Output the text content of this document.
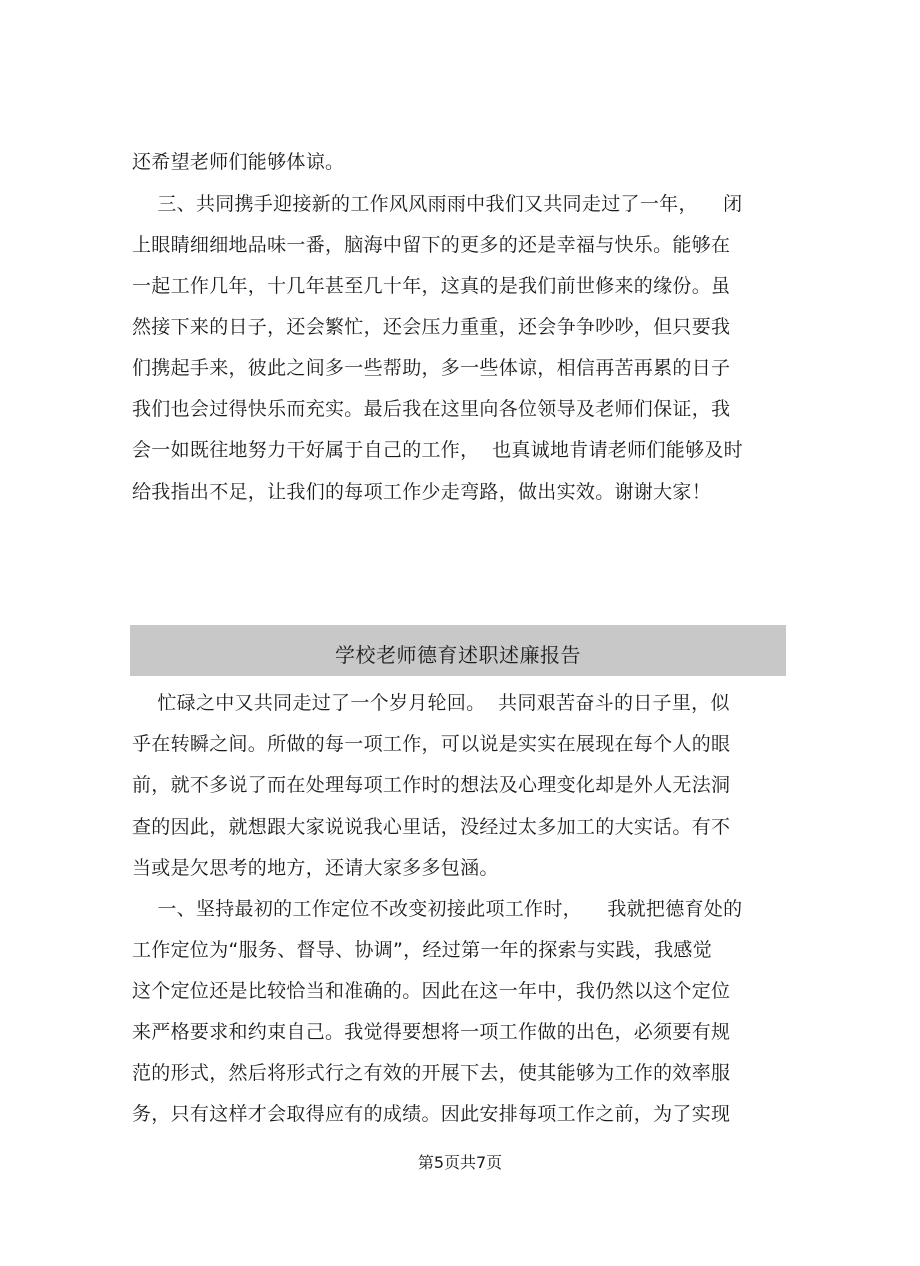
还希望老师们能够体谅。
三、共同携手迎接新的工作风风雨雨中我们又共同走过了一年，    闭
上眼睛细细地品味一番，脑海中留下的更多的还是幸福与快乐。能够在
一起工作几年，十几年甚至几十年，这真的是我们前世修来的缘份。虽
然接下来的日子，还会繁忙，还会压力重重，还会争争吵吵，但只要我
们携起手来，彼此之间多一些帮助，多一些体谅，相信再苦再累的日子
我们也会过得快乐而充实。最后我在这里向各位领导及老师们保证，我
会一如既往地努力干好属于自己的工作，  也真诚地肯请老师们能够及时
给我指出不足，让我们的每项工作少走弯路，做出实效。谢谢大家！
学校老师德育述职述廉报告
忙碌之中又共同走过了一个岁月轮回。  共同艰苦奋斗的日子里，似
乎在转瞬之间。所做的每一项工作，可以说是实实在展现在每个人的眼
前，就不多说了而在处理每项工作时的想法及心理变化却是外人无法洞
查的因此，就想跟大家说说我心里话，没经过太多加工的大实话。有不
当或是欠思考的地方，还请大家多多包涵。
一、坚持最初的工作定位不改变初接此项工作时，    我就把德育处的
工作定位为“服务、督导、协调”，经过第一年的探索与实践，我感觉
这个定位还是比较恰当和准确的。因此在这一年中，我仍然以这个定位
来严格要求和约束自己。我觉得要想将一项工作做的出色，必须要有规
范的形式，然后将形式行之有效的开展下去，使其能够为工作的效率服
务，只有这样才会取得应有的成绩。因此安排每项工作之前，为了实现
第5页共7页
